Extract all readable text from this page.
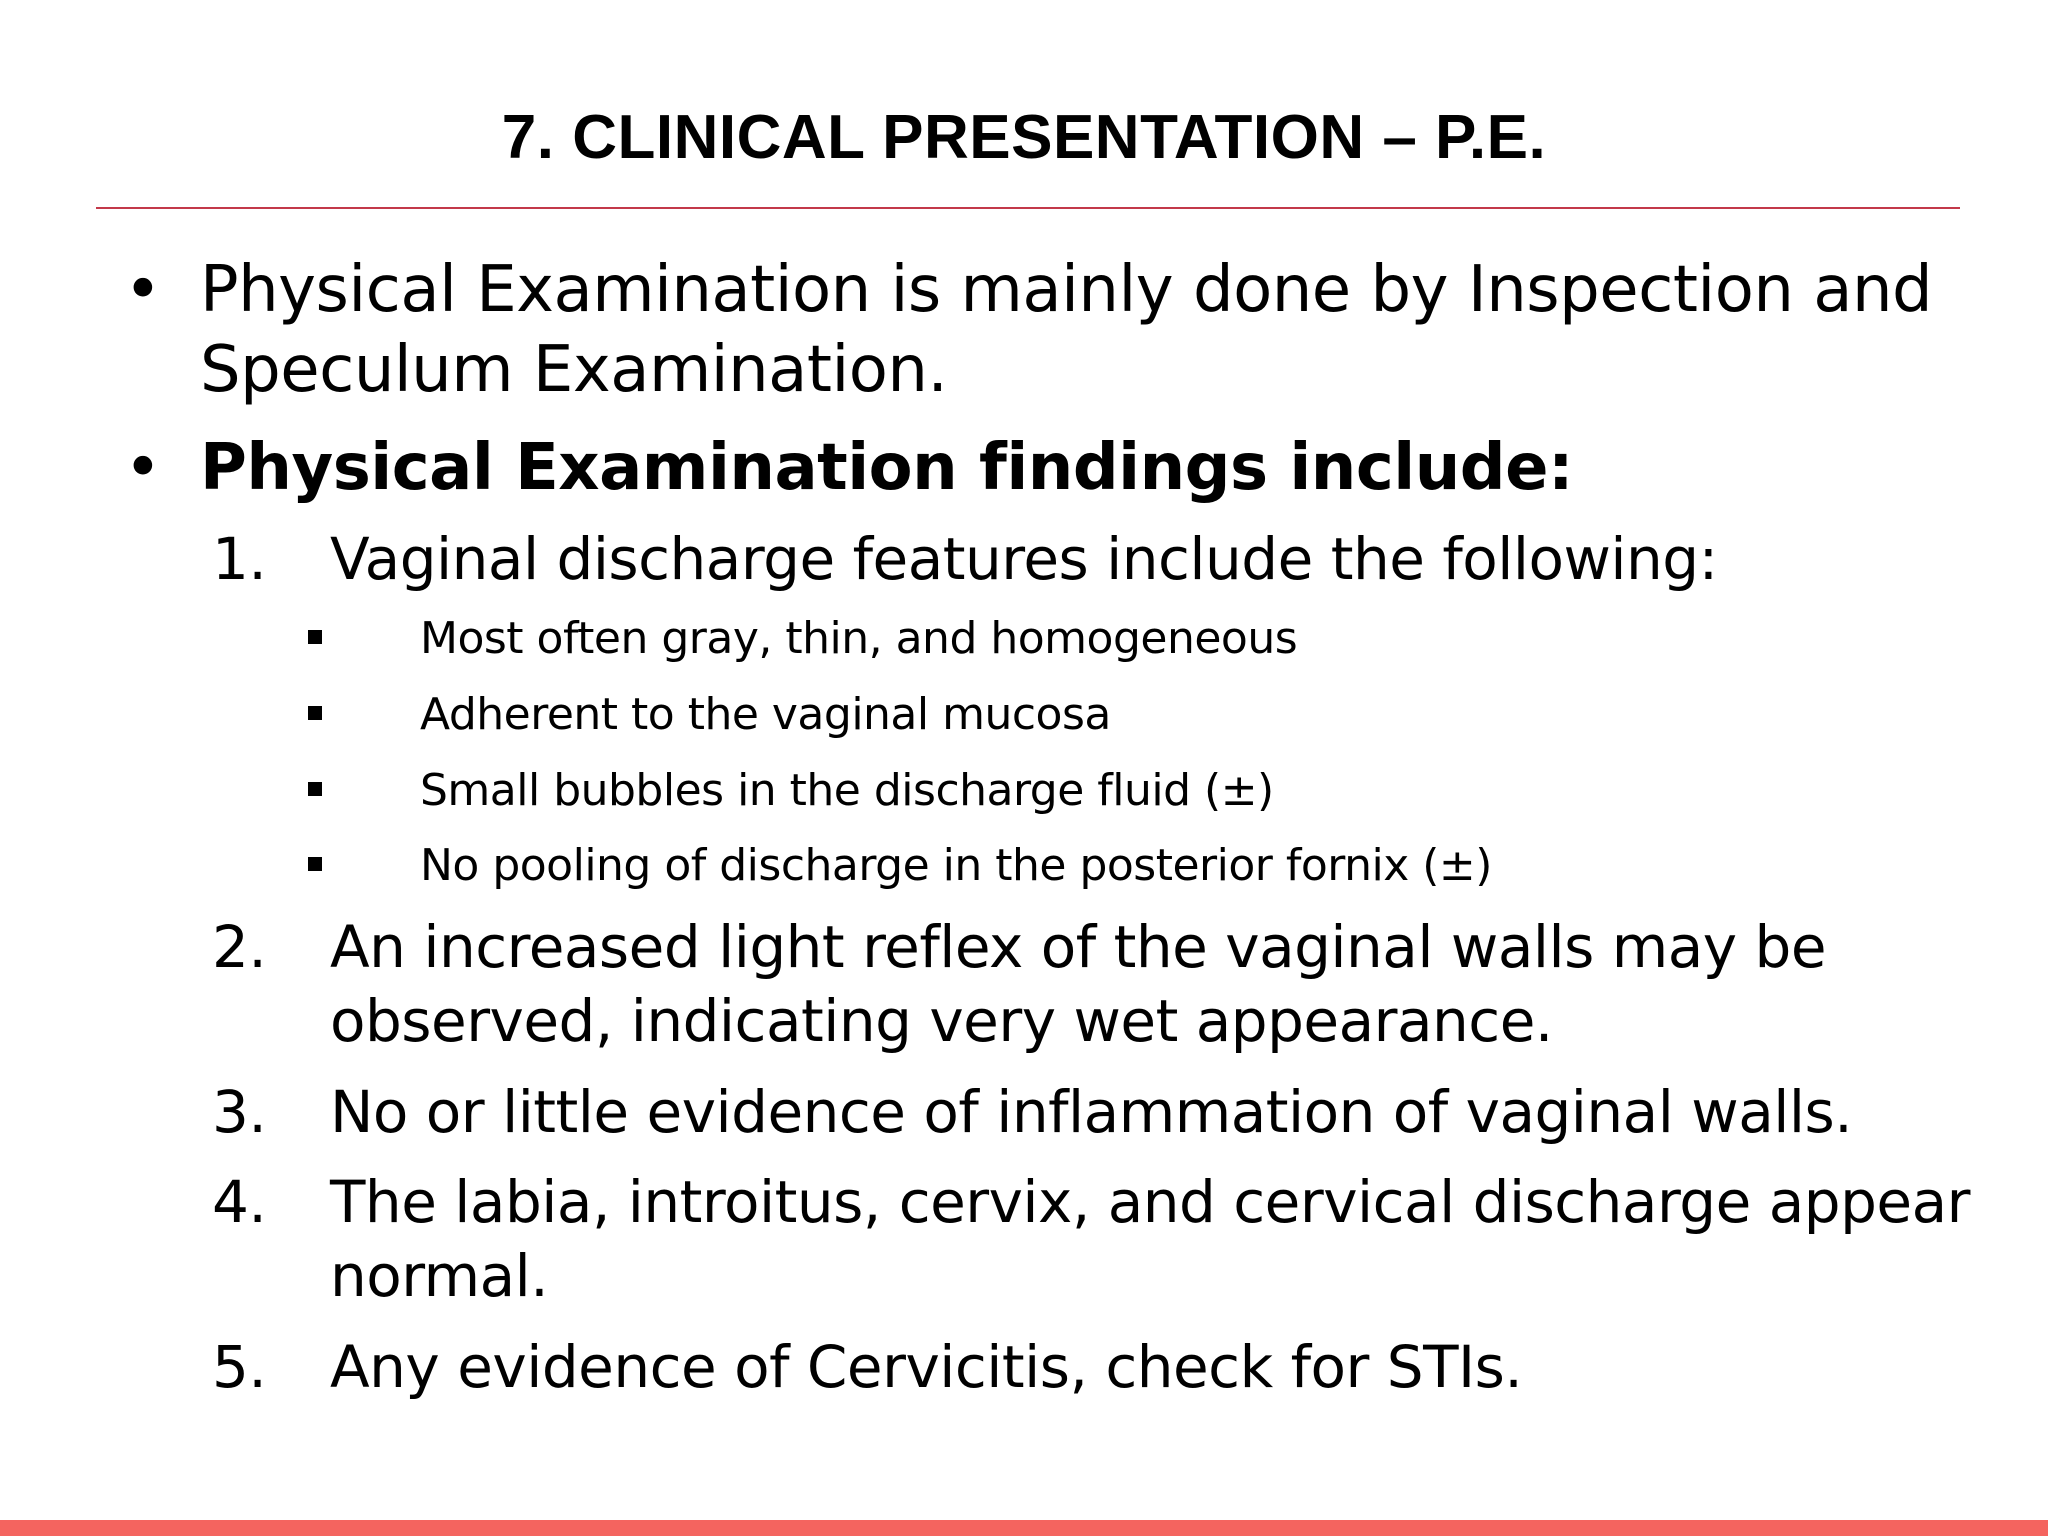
7. CLINICAL PRESENTATION – P.E.
• Physical Examination is mainly done by Inspection and
Speculum Examination.
• Physical Examination findings include:
1. Vaginal discharge features include the following:
Most often gray, thin, and homogeneous
Adherent to the vaginal mucosa
Small bubbles in the discharge fluid (±)
No pooling of discharge in the posterior fornix (±)
2. An increased light reflex of the vaginal walls may be
observed, indicating very wet appearance.
3. No or little evidence of inflammation of vaginal walls.
4. The labia, introitus, cervix, and cervical discharge appear
normal.
5. Any evidence of Cervicitis, check for STIs.
